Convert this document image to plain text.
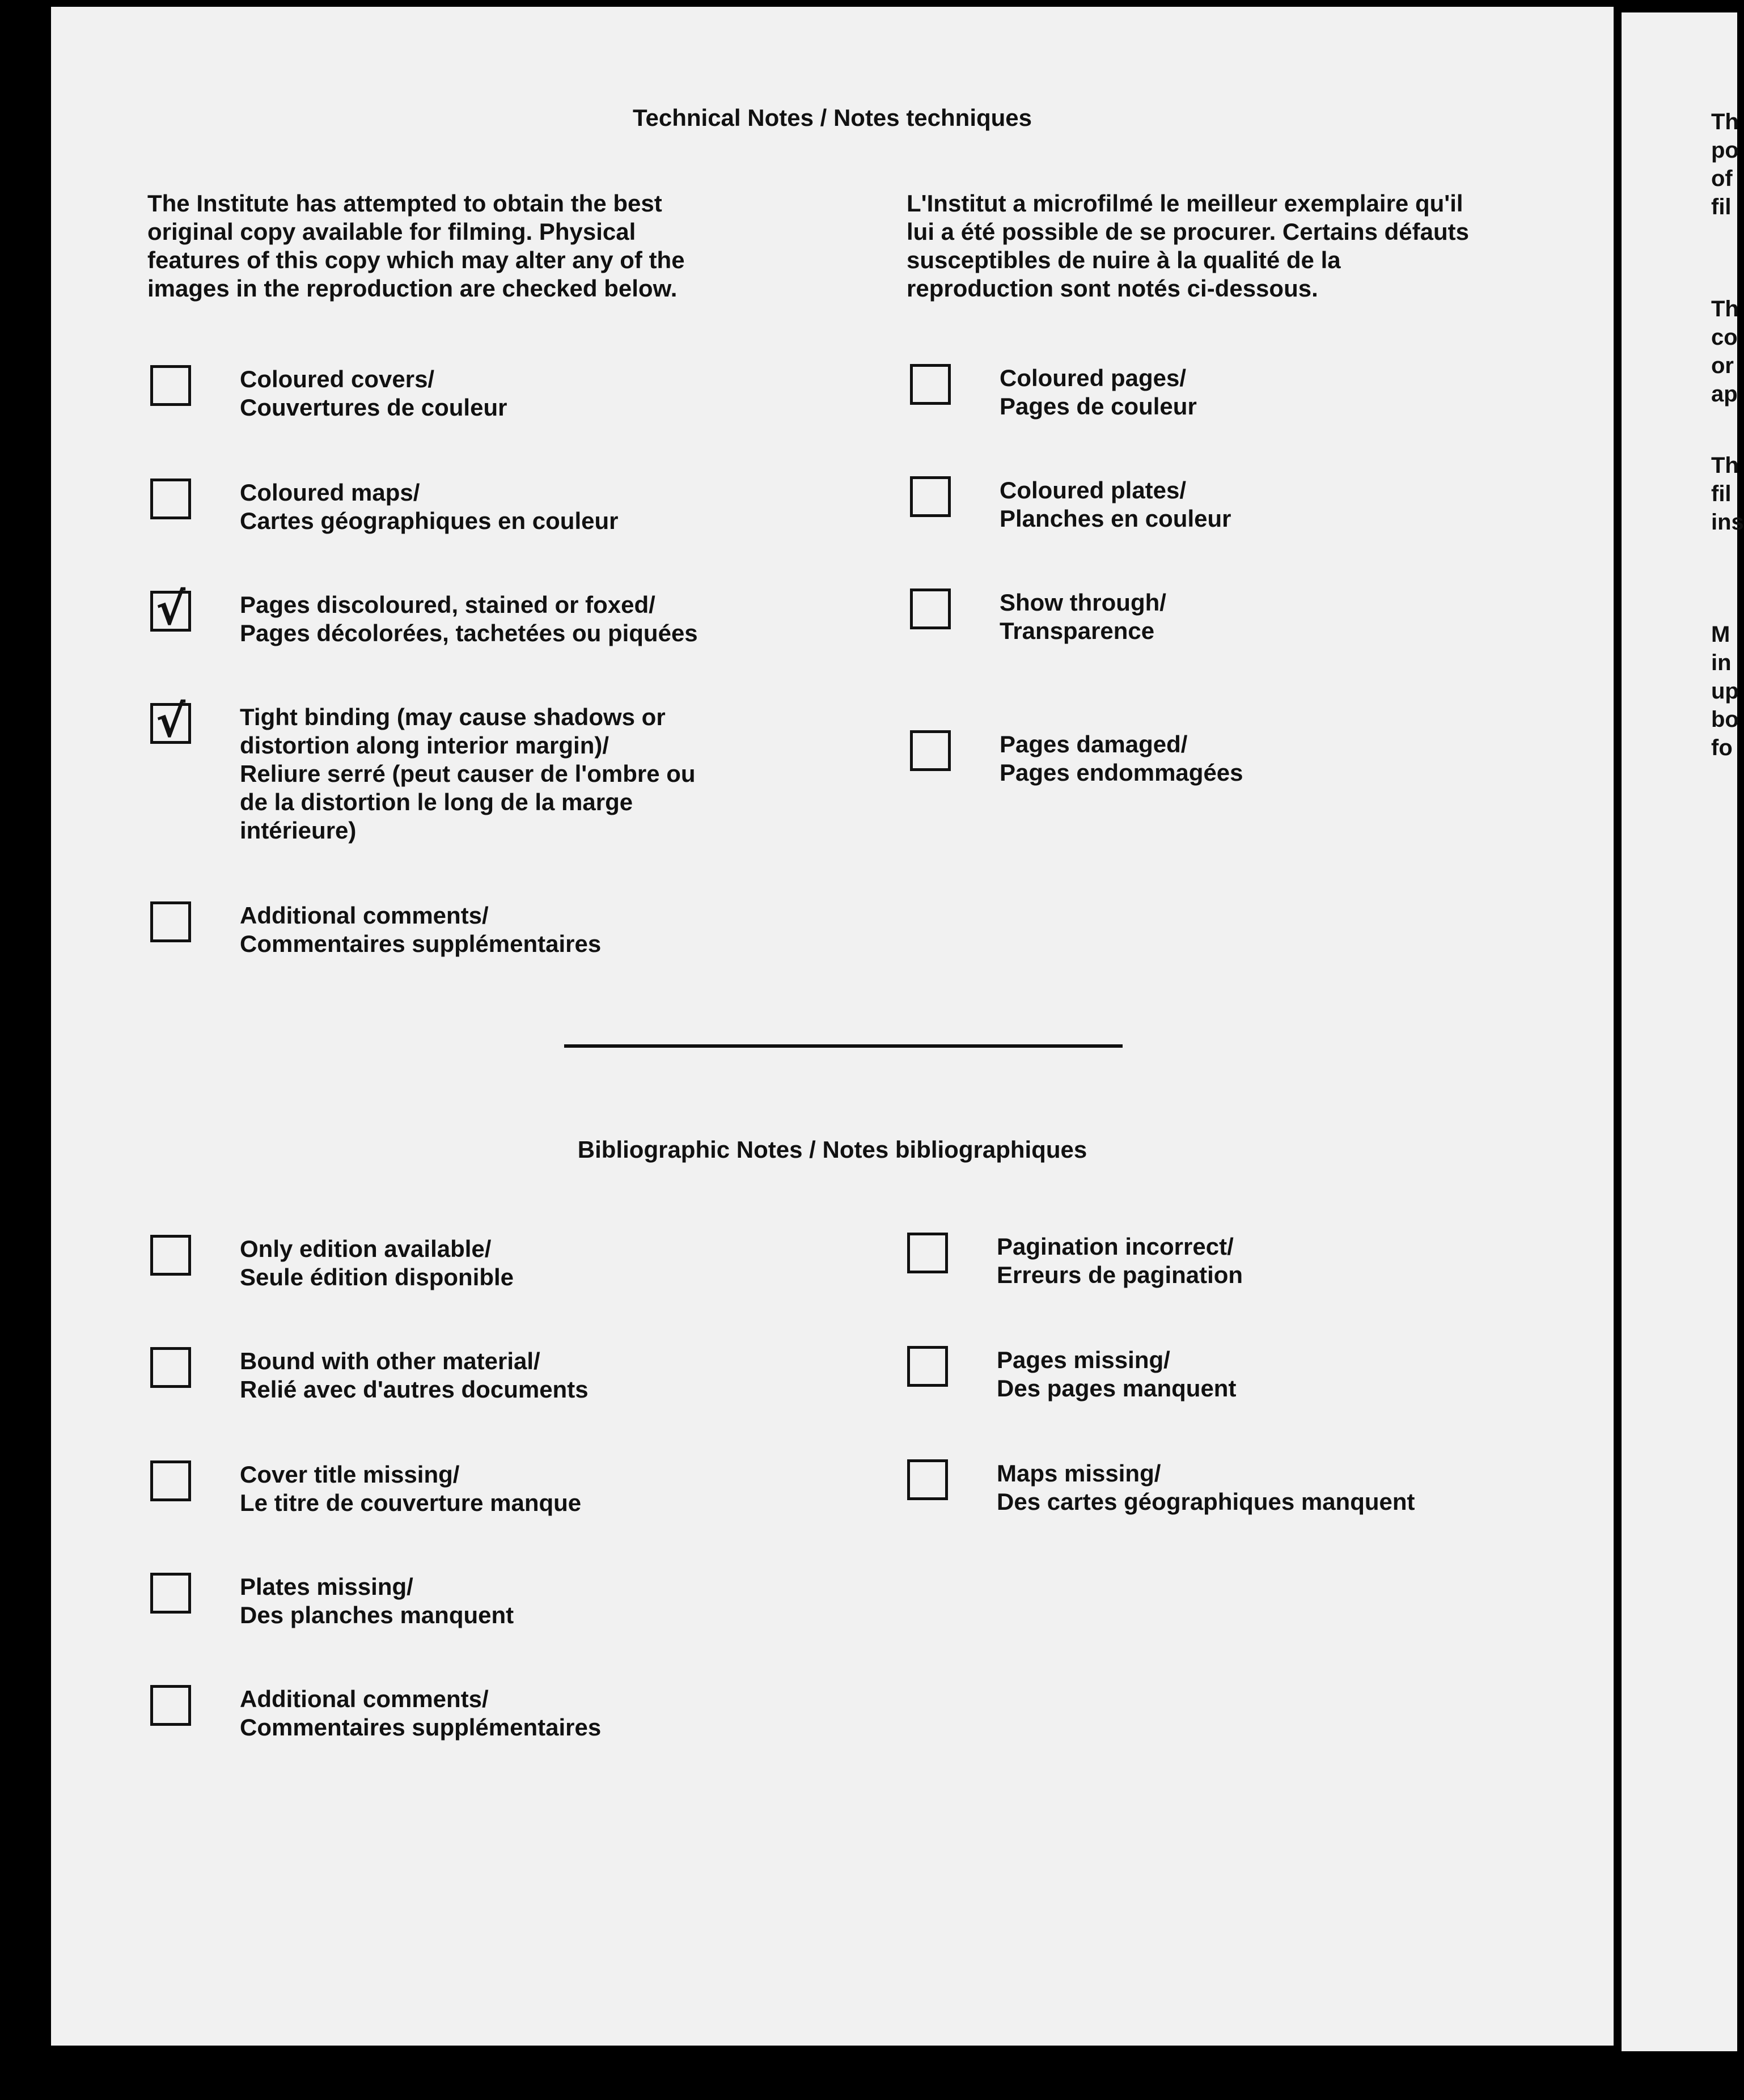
Technical Notes / Notes techniques
The Institute has attempted to obtain the best original copy available for filming. Physical features of this copy which may alter any of the images in the reproduction are checked below.
L'Institut a microfilmé le meilleur exemplaire qu'il lui a été possible de se procurer. Certains défauts susceptibles de nuire à la qualité de la reproduction sont notés ci-dessous.
Coloured covers/
Couvertures de couleur
Coloured maps/
Cartes géographiques en couleur
√ Pages discoloured, stained or foxed/
Pages décolorées, tachetées ou piquées
√ Tight binding (may cause shadows or
distortion along interior margin)/
Reliure serré (peut causer de l'ombre ou
de la distortion le long de la marge
intérieure)
Additional comments/
Commentaires supplémentaires
Coloured pages/
Pages de couleur
Coloured plates/
Planches en couleur
Show through/
Transparence
Pages damaged/
Pages endommagées
Bibliographic Notes / Notes bibliographiques
Only edition available/
Seule édition disponible
Bound with other material/
Relié avec d'autres documents
Cover title missing/
Le titre de couverture manque
Plates missing/
Des planches manquent
Additional comments/
Commentaires supplémentaires
Pagination incorrect/
Erreurs de pagination
Pages missing/
Des pages manquent
Maps missing/
Des cartes géographiques manquent
Th
po
of
fil
Th
co
or
ap
Th
fil
ins
M
in
up
bo
fo
